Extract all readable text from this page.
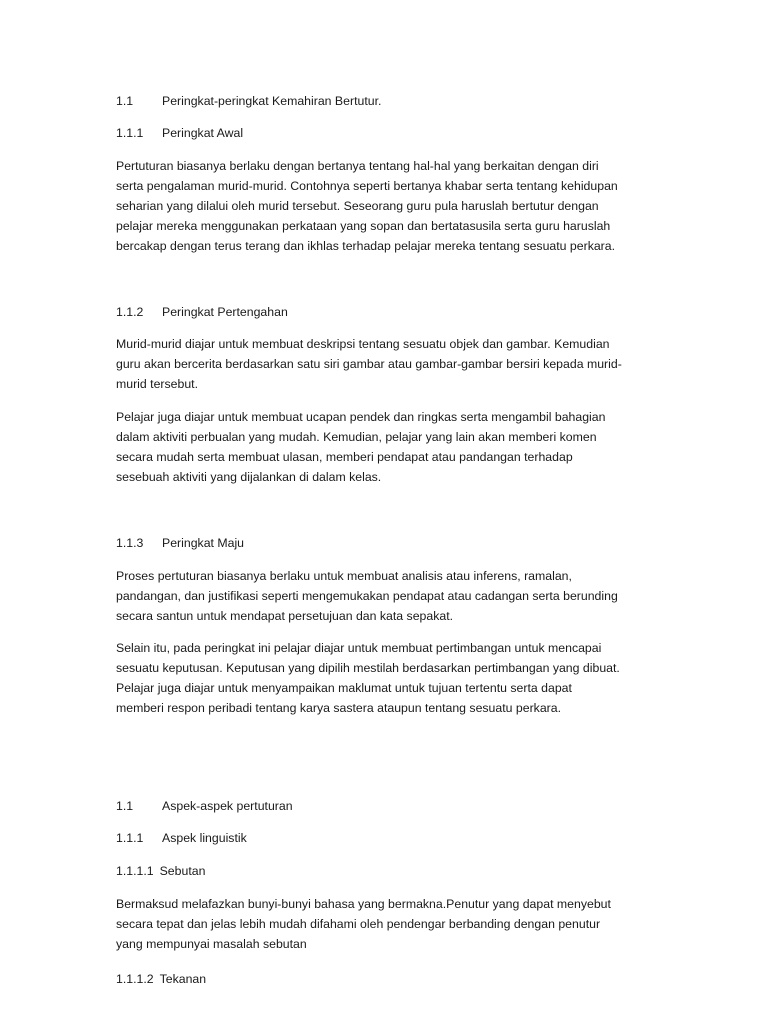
1.1 Peringkat-peringkat Kemahiran Bertutur.
1.1.1 Peringkat Awal
Pertuturan biasanya berlaku dengan bertanya tentang hal-hal yang berkaitan dengan diri
serta pengalaman murid-murid. Contohnya seperti bertanya khabar serta tentang kehidupan
seharian yang dilalui oleh murid tersebut. Seseorang guru pula haruslah bertutur dengan
pelajar mereka menggunakan perkataan yang sopan dan bertatasusila serta guru haruslah
bercakap dengan terus terang dan ikhlas terhadap pelajar mereka tentang sesuatu perkara.
1.1.2 Peringkat Pertengahan
Murid-murid diajar untuk membuat deskripsi tentang sesuatu objek dan gambar. Kemudian
guru akan bercerita berdasarkan satu siri gambar atau gambar-gambar bersiri kepada murid-
murid tersebut.
Pelajar juga diajar untuk membuat ucapan pendek dan ringkas serta mengambil bahagian
dalam aktiviti perbualan yang mudah. Kemudian, pelajar yang lain akan memberi komen
secara mudah serta membuat ulasan, memberi pendapat atau pandangan terhadap
sesebuah aktiviti yang dijalankan di dalam kelas.
1.1.3 Peringkat Maju
Proses pertuturan biasanya berlaku untuk membuat analisis atau inferens, ramalan,
pandangan, dan justifikasi seperti mengemukakan pendapat atau cadangan serta berunding
secara santun untuk mendapat persetujuan dan kata sepakat.
Selain itu, pada peringkat ini pelajar diajar untuk membuat pertimbangan untuk mencapai
sesuatu keputusan. Keputusan yang dipilih mestilah berdasarkan pertimbangan yang dibuat.
Pelajar juga diajar untuk menyampaikan maklumat untuk tujuan tertentu serta dapat
memberi respon peribadi tentang karya sastera ataupun tentang sesuatu perkara.
1.1 Aspek-aspek pertuturan
1.1.1 Aspek linguistik
1.1.1.1 Sebutan
Bermaksud melafazkan bunyi-bunyi bahasa yang bermakna.Penutur yang dapat menyebut
secara tepat dan jelas lebih mudah difahami oleh pendengar berbanding dengan penutur
yang mempunyai masalah sebutan
1.1.1.2 Tekanan
